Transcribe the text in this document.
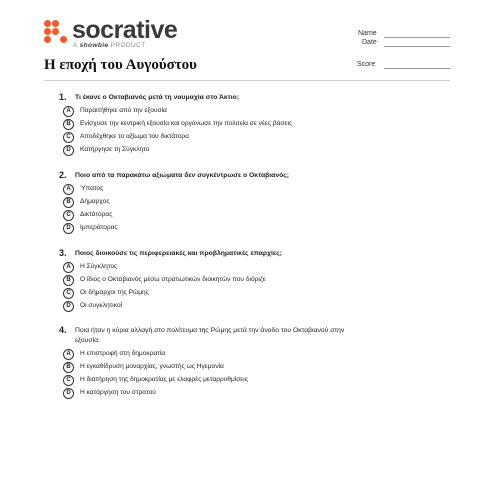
socrative
A showbie PRODUCT
Name
Date
Η εποχή του Αυγούστου	Score
1. Τι έκανε ο Οκταβιανός μετά τη ναυμαχία στο Άκτιο;
A	Παραιτήθηκε από την εξουσία
B	Ενίσχυσε την κεντρική εξουσία και οργάνωσε την πολιτεία σε νέες βάσεις
C	Αποδέχθηκε το αξίωμα του δικτάτορα
D	Κατήργησε τη Σύγκλητο
2. Ποιο από τα παρακάτω αξιώματα δεν συγκέντρωσε ο Οκταβιανός;
A	Ύπατος
B	Δήμαρχος
C	Δικτάτορας
D	Ιμπεράτορας
3. Ποιος διοικούσε τις περιφερειακές και προβληματικές επαρχίες;
A	Η Σύγκλητος
B	Ο ίδιος ο Οκταβιανός μέσω στρατιωτικών διοικητών που διόριζε
C	Οι δήμαρχοι της Ρώμης
D	Οι συγκλητικοί
4. Ποια ήταν η κύρια αλλαγή στο πολίτευμα της Ρώμης μετά την άνοδο του Οκταβιανού στην
εξουσία;
A	Η επιστροφή στη δημοκρατία
B	Η εγκαθίδρυση μοναρχίας, γνωστής ως Ηγεμονία
C	Η διατήρηση της δημοκρατίας με ελαφρές μεταρρυθμίσεις
D	Η κατάργηση του στρατού
